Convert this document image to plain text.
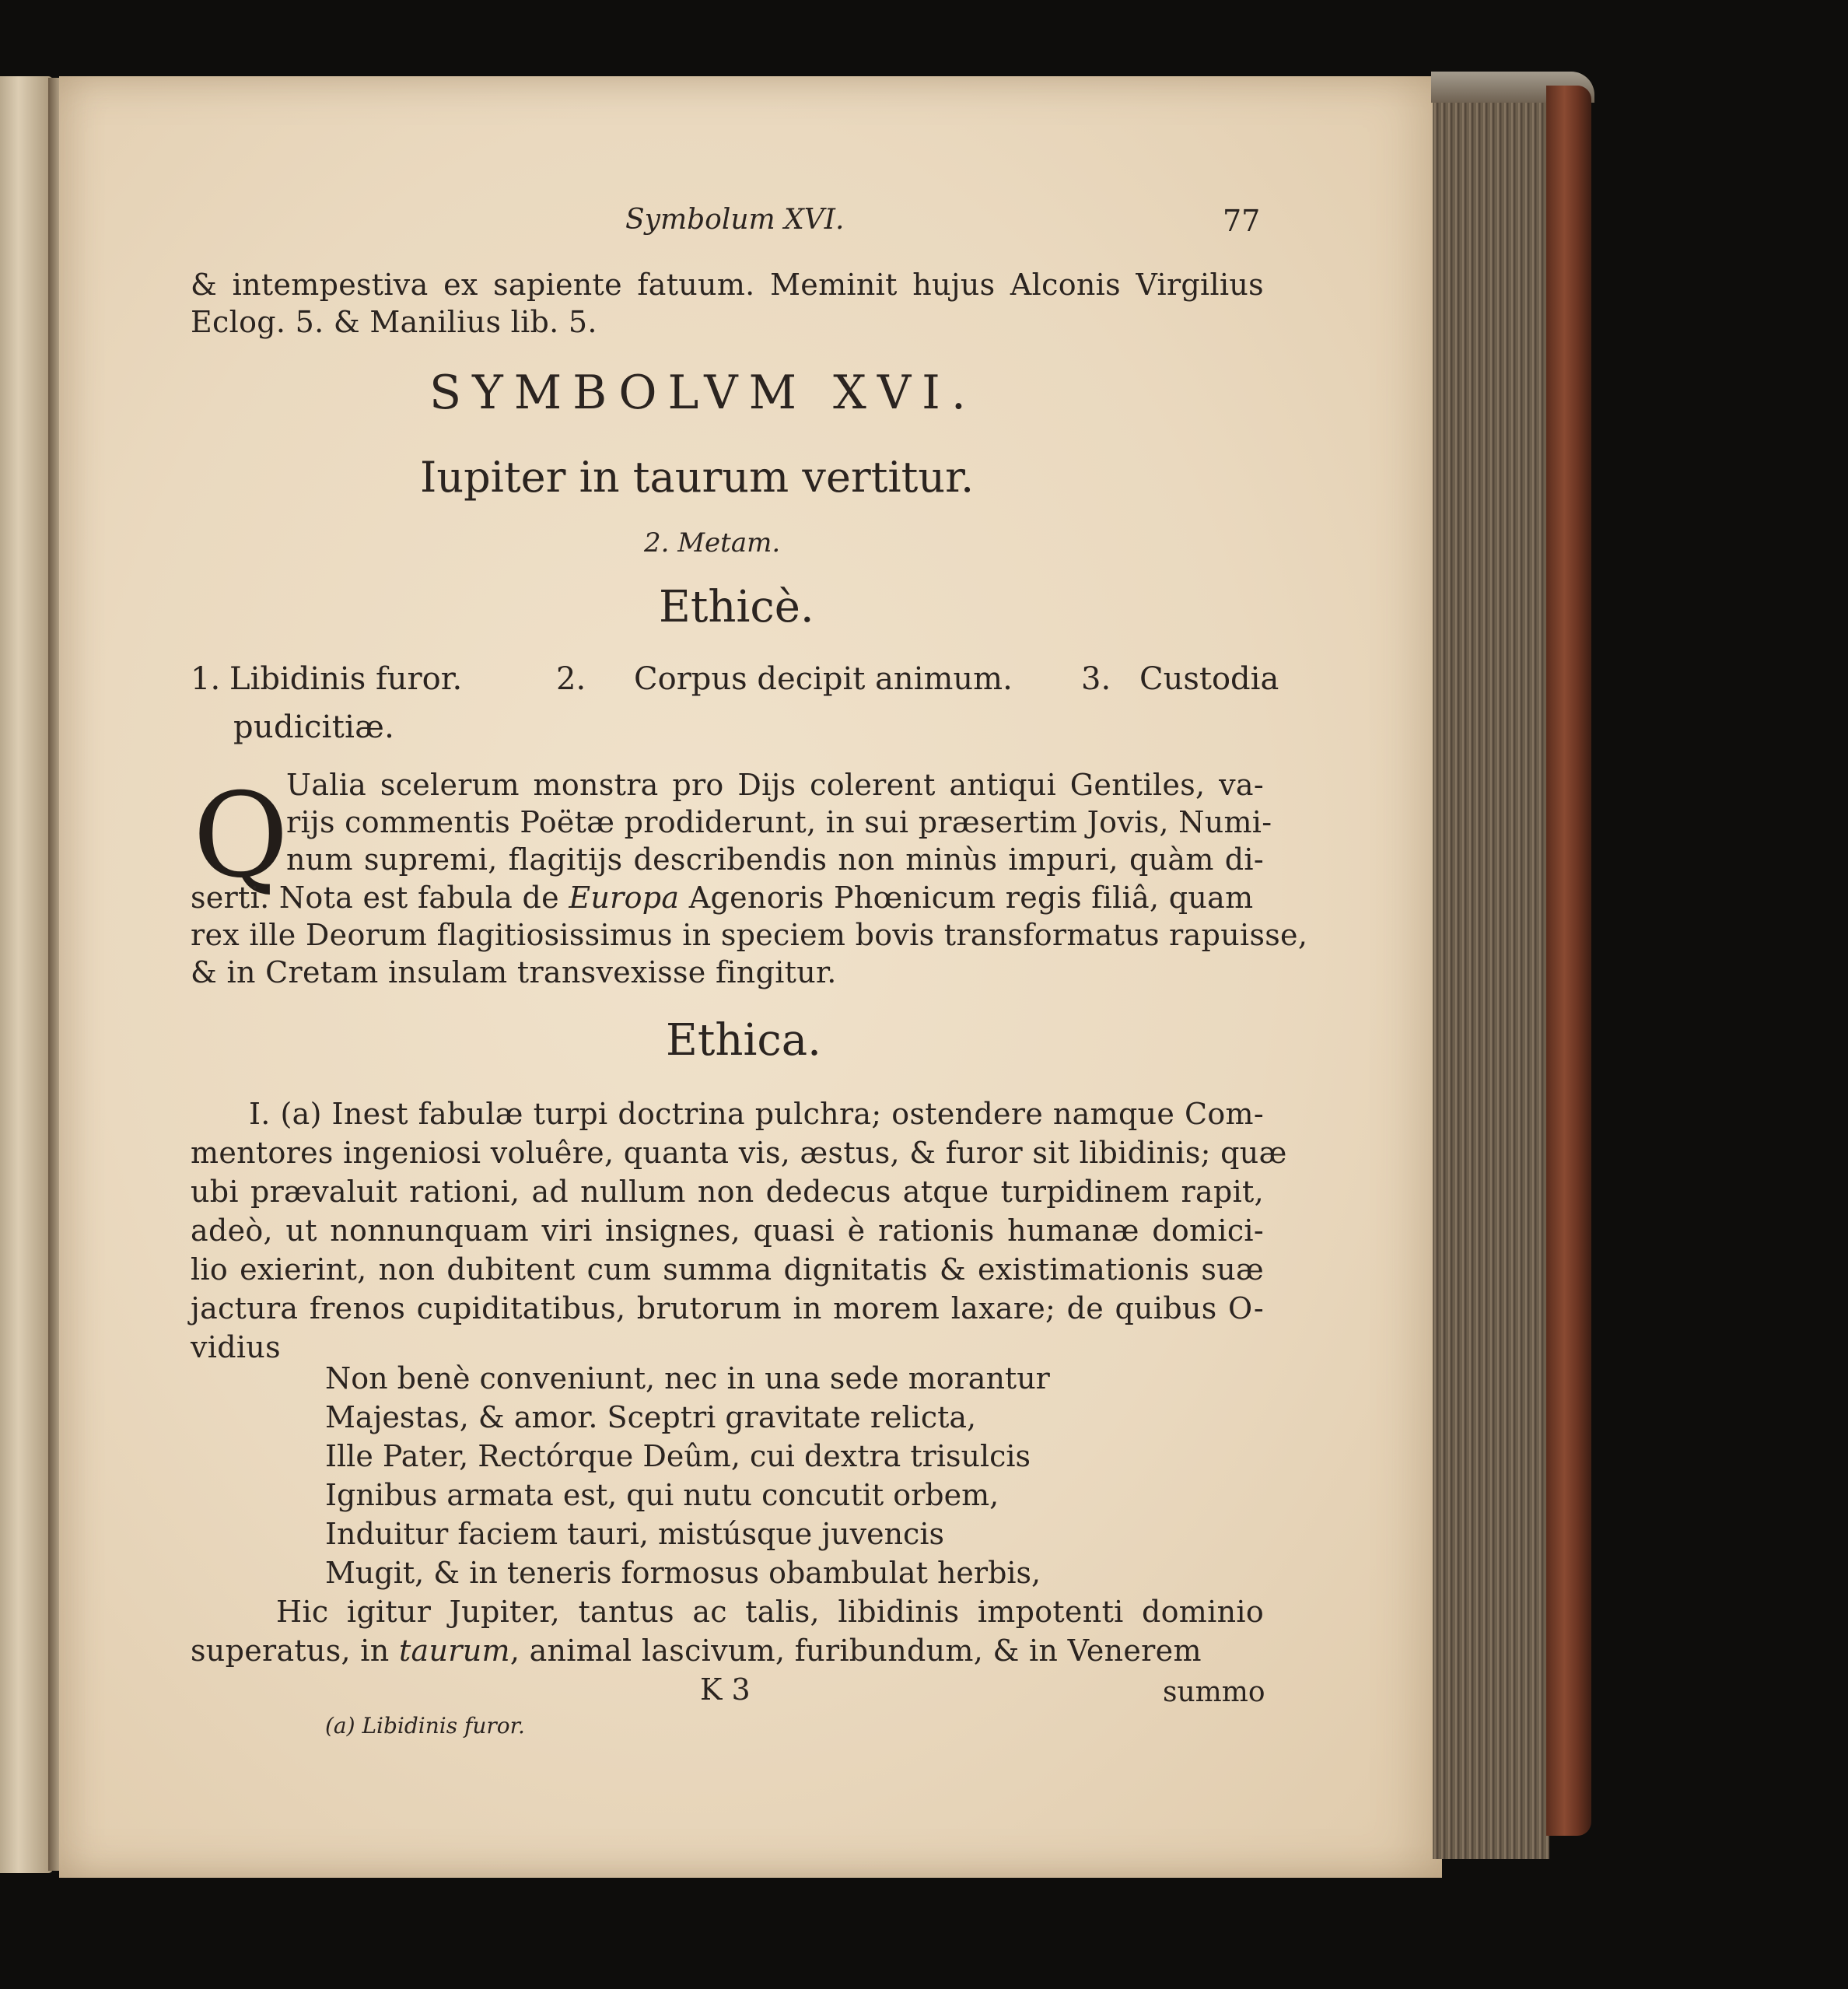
Symbolum XVI.	77
& intempestiva ex sapiente fatuum. Meminit hujus Alconis Virgilius
Eclog. 5. & Manilius lib. 5.
SYMBOLVM XVI.
Iupiter in taurum vertitur.
2. Metam.
Ethicè.
1. Libidinis furor.	2. Corpus decipit animum. 3. Custodia
pudicitiæ.
Q
Ualia scelerum monstra pro Dijs colerent antiqui Gentiles, va-
rijs commentis Poëtæ prodiderunt, in sui præsertim Jovis, Numi-
num supremi, flagitijs describendis non minùs impuri, quàm di-
serti. Nota est fabula de Europa Agenoris Phœnicum regis filiâ, quam
rex ille Deorum flagitiosissimus in speciem bovis transformatus rapuisse,
& in Cretam insulam transvexisse fingitur.
Ethica.
I. (a) Inest fabulæ turpi doctrina pulchra; ostendere namque Com-
mentores ingeniosi voluêre, quanta vis, æstus, & furor sit libidinis; quæ
ubi prævaluit rationi, ad nullum non dedecus atque turpidinem rapit,
adeò, ut nonnunquam viri insignes, quasi è rationis humanæ domici-
lio exierint, non dubitent cum summa dignitatis & existimationis suæ
jactura frenos cupiditatibus, brutorum in morem laxare; de quibus O-
vidius
Non benè conveniunt, nec in una sede morantur
Majestas, & amor. Sceptri gravitate relicta,
Ille Pater, Rectórque Deûm, cui dextra trisulcis
Ignibus armata est, qui nutu concutit orbem,
Induitur faciem tauri, mistúsque juvencis
Mugit, & in teneris formosus obambulat herbis,
Hic igitur Jupiter, tantus ac talis, libidinis impotenti dominio
superatus, in taurum, animal lascivum, furibundum, & in Venerem
K 3	summo
(a) Libidinis furor.
